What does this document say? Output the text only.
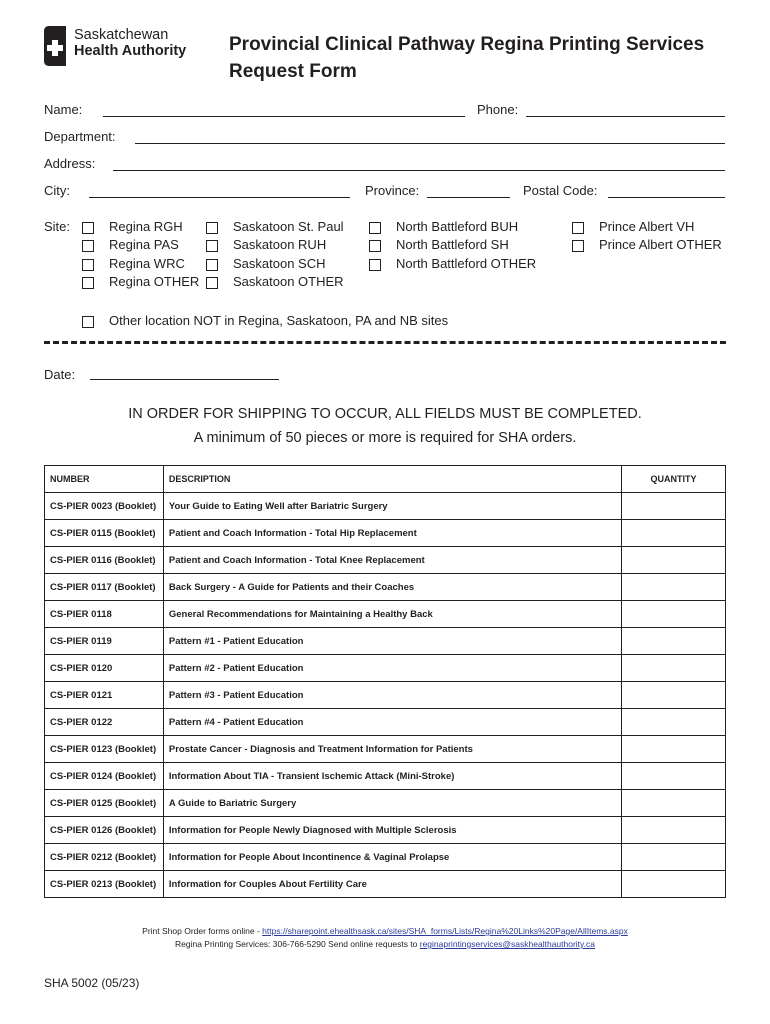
Saskatchewan
Health Authority Provincial Clinical Pathway Regina Printing Services
Request Form
Name:	Phone:
Department:
Address:
City:	Province:	Postal Code:
Site:	Regina RGH
Regina PAS
Regina WRC
Regina OTHER
Saskatoon St. Paul
Saskatoon RUH
Saskatoon SCH
Saskatoon OTHER
North Battleford BUH
North Battleford SH
North Battleford OTHER
Prince Albert VH
Prince Albert OTHER
Other location NOT in Regina, Saskatoon, PA and NB sites
Date:
IN ORDER FOR SHIPPING TO OCCUR, ALL FIELDS MUST BE COMPLETED.
A minimum of 50 pieces or more is required for SHA orders.
NUMBER	DESCRIPTION	QUANTITY
CS-PIER 0023 (Booklet)	Your Guide to Eating Well after Bariatric Surgery	
CS-PIER 0115 (Booklet)	Patient and Coach Information - Total Hip Replacement	
CS-PIER 0116 (Booklet)	Patient and Coach Information - Total Knee Replacement	
CS-PIER 0117 (Booklet)	Back Surgery - A Guide for Patients and their Coaches	
CS-PIER 0118	General Recommendations for Maintaining a Healthy Back	
CS-PIER 0119	Pattern #1 - Patient Education	
CS-PIER 0120	Pattern #2 - Patient Education	
CS-PIER 0121	Pattern #3 - Patient Education	
CS-PIER 0122	Pattern #4 - Patient Education	
CS-PIER 0123 (Booklet)	Prostate Cancer - Diagnosis and Treatment Information for Patients	
CS-PIER 0124 (Booklet)	Information About TIA - Transient Ischemic Attack (Mini-Stroke)	
CS-PIER 0125 (Booklet)	A Guide to Bariatric Surgery	
CS-PIER 0126 (Booklet)	Information for People Newly Diagnosed with Multiple Sclerosis	
CS-PIER 0212 (Booklet)	Information for People About Incontinence & Vaginal Prolapse	
CS-PIER 0213 (Booklet)	Information for Couples About Fertility Care	
Print Shop Order forms online - https://sharepoint.ehealthsask.ca/sites/SHA_forms/Lists/Regina%20Links%20Page/AllItems.aspx
Regina Printing Services: 306-766-5290 Send online requests to reginaprintingservices@saskhealthauthority.ca
SHA 5002 (05/23)
